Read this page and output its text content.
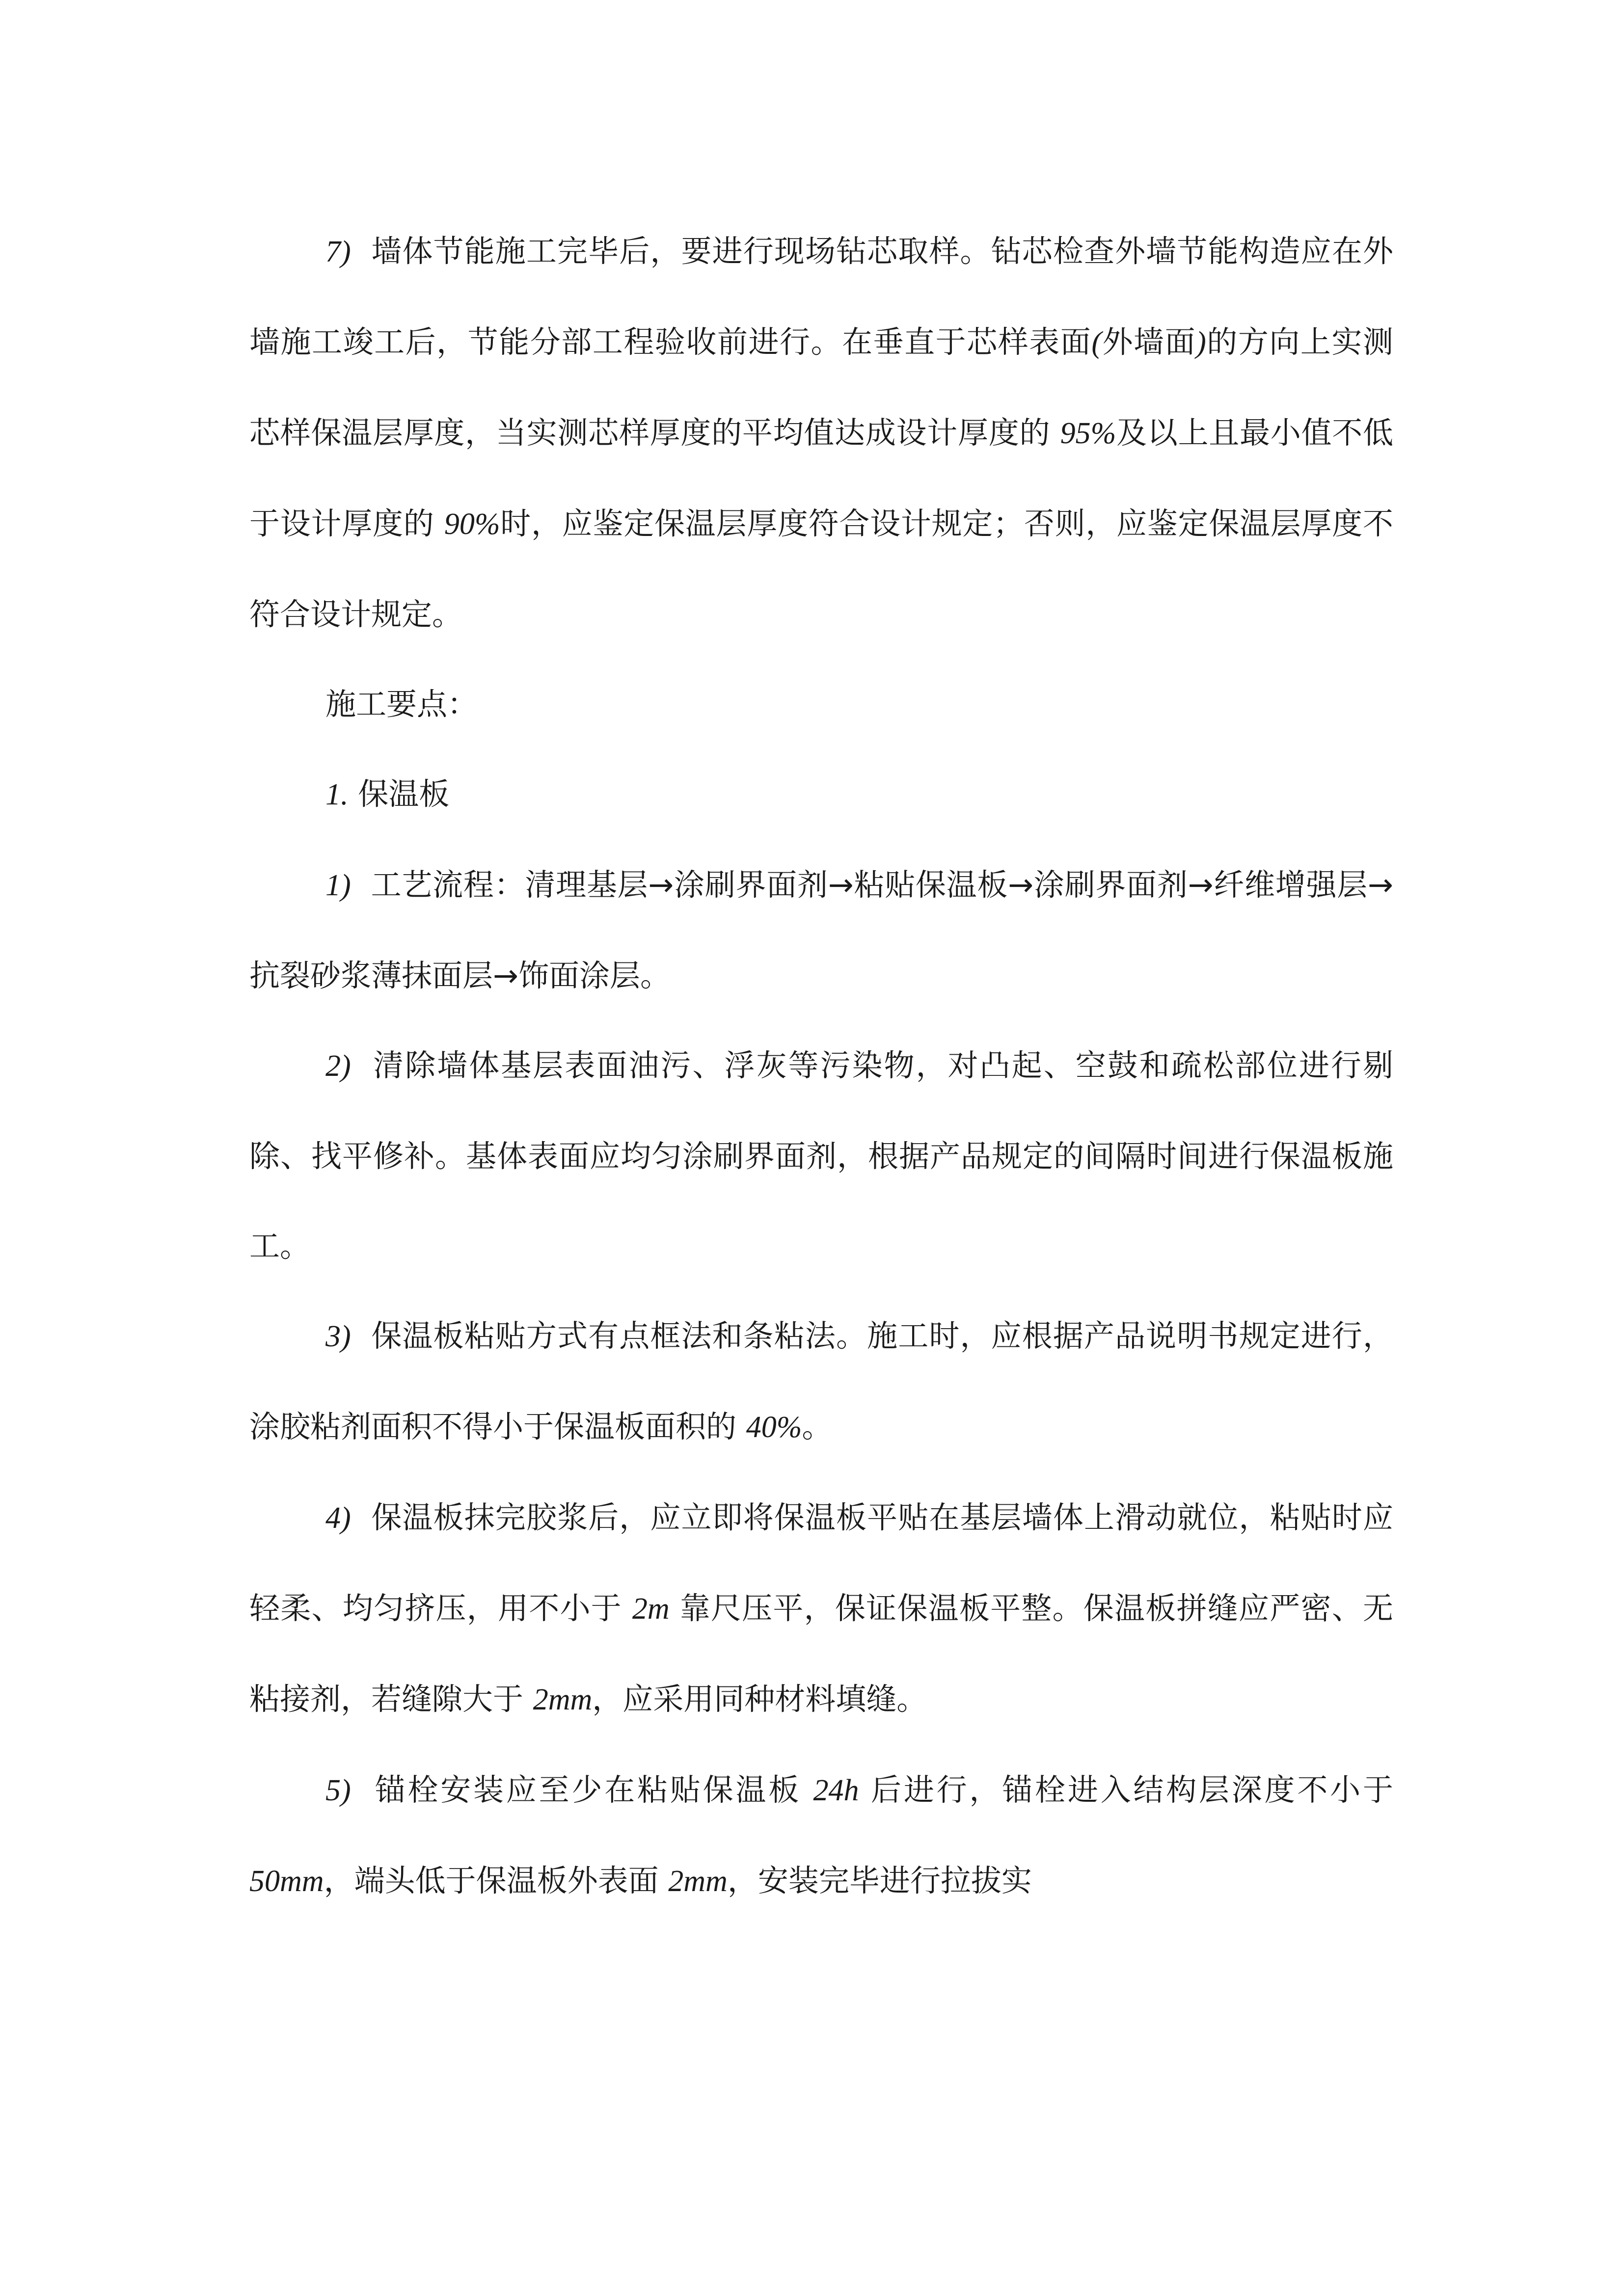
7) 墙体节能施工完毕后，要进行现场钻芯取样。钻芯检查外墙节能构造应在外墙施工竣工后，节能分部工程验收前进行。在垂直于芯样表面(外墙面)的方向上实测芯样保温层厚度，当实测芯样厚度的平均值达成设计厚度的 95%及以上且最小值不低于设计厚度的 90%时，应鉴定保温层厚度符合设计规定；否则，应鉴定保温层厚度不符合设计规定。

施工要点：

1. 保温板

1) 工艺流程：清理基层→涂刷界面剂→粘贴保温板→涂刷界面剂→纤维增强层→抗裂砂浆薄抹面层→饰面涂层。

2) 清除墙体基层表面油污、浮灰等污染物，对凸起、空鼓和疏松部位进行剔除、找平修补。基体表面应均匀涂刷界面剂，根据产品规定的间隔时间进行保温板施工。

3) 保温板粘贴方式有点框法和条粘法。施工时，应根据产品说明书规定进行，涂胶粘剂面积不得小于保温板面积的 40%。

4) 保温板抹完胶浆后，应立即将保温板平贴在基层墙体上滑动就位，粘贴时应轻柔、均匀挤压，用不小于 2m 靠尺压平，保证保温板平整。保温板拼缝应严密、无粘接剂，若缝隙大于 2mm，应采用同种材料填缝。

5) 锚栓安装应至少在粘贴保温板 24h 后进行，锚栓进入结构层深度不小于 50mm，端头低于保温板外表面 2mm，安装完毕进行拉拔实
